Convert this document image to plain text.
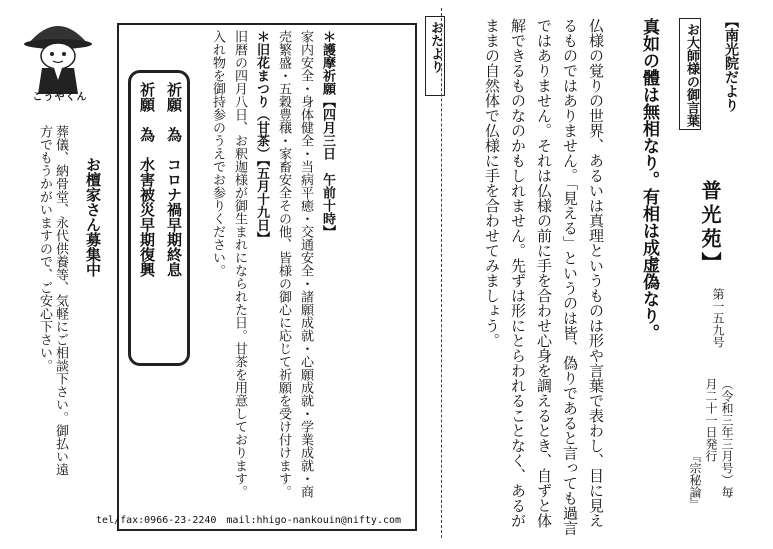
こうやくん
お檀家さん募集中
葬儀、納骨堂、永代供養等、気軽にご相談下さい。御払い遠方でもうかがいますので、ご安心下さい。	祈願　為　コロナ禍早期終息
祈願　為　水害被災早期復興	＊護摩祈願【四月三日　午前十時】
家内安全・身体健全・当病平癒・交通安全・諸願成就・心願成就・学業成就・商売繁盛・五穀豊穣・家畜安全その他、皆様の御心に応じて祈願を受け付けます。
＊旧花まつり（甘茶）【五月十九日】
旧暦の四月八日、お釈迦様が御生まれになられた日。甘茶を用意しております。入れ物を御持参のうえでお参りください。
tel/fax:0966-23-2240　mail:hhigo-nankouin@nifty.com
おたより	仏様の覚りの世界、あるいは真理というものは形や言葉で表わし、目に見えるものではありません。「見える」というのは皆、偽りであると言っても過言ではありません。それは仏様の前に手を合わせ心身を調えるとき、自ずと体解できるものなのかもしれません。先ずは形にとらわれることなく、あるがままの自然体で仏様に手を合わせてみましょう。	真如の體は無相なり。有相は成虚偽なり。	お大師様の御言葉 【南光院だより
普光苑】
第一五九号
（令和三年三月号）毎月二十一日発行
『宗秘論』
